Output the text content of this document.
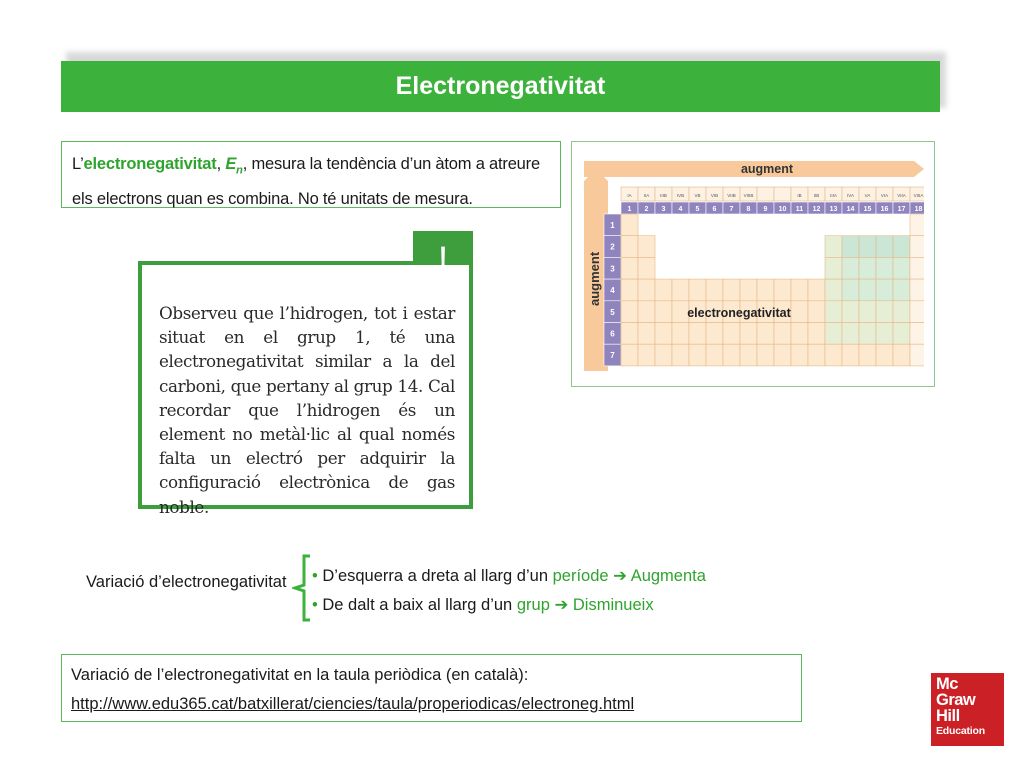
Electronegativitat
L’electronegativitat, $E_n$, mesura la tendència d’un àtom a atreure
els electrons quan es combina. No té unitats de mesura.

Observeu que l’hidrogen, tot i estar situat en el grup 1, té una electronegativitat similar a la del carboni, que pertany al grup 14. Cal recordar que l’hidrogen és un element no metàl·lic al qual només falta un electró per adquirir la configuració electrònica de gas noble.

!
augment
augment
IA	IIA IIIB IVB VB VIB VIIB VIIIB	IB	IIB IIIA IVA VA VIA VIIA VIIIA
1 2 3 4 5 6 7 8 9 10 11 12 13 14 15 16 17 18
1
2
3
4
5
6
7
electronegativitat
Variació d’electronegativitat • D’esquerra a dreta al llarg d’un període ➔ Augmenta
• De dalt a baix al llarg d’un grup ➔ Disminueix
Variació de l’electronegativitat en la taula periòdica (en català):
http://www.edu365.cat/batxillerat/ciencies/taula/properiodicas/electroneg.html
Mc
Graw
Hill
Education
